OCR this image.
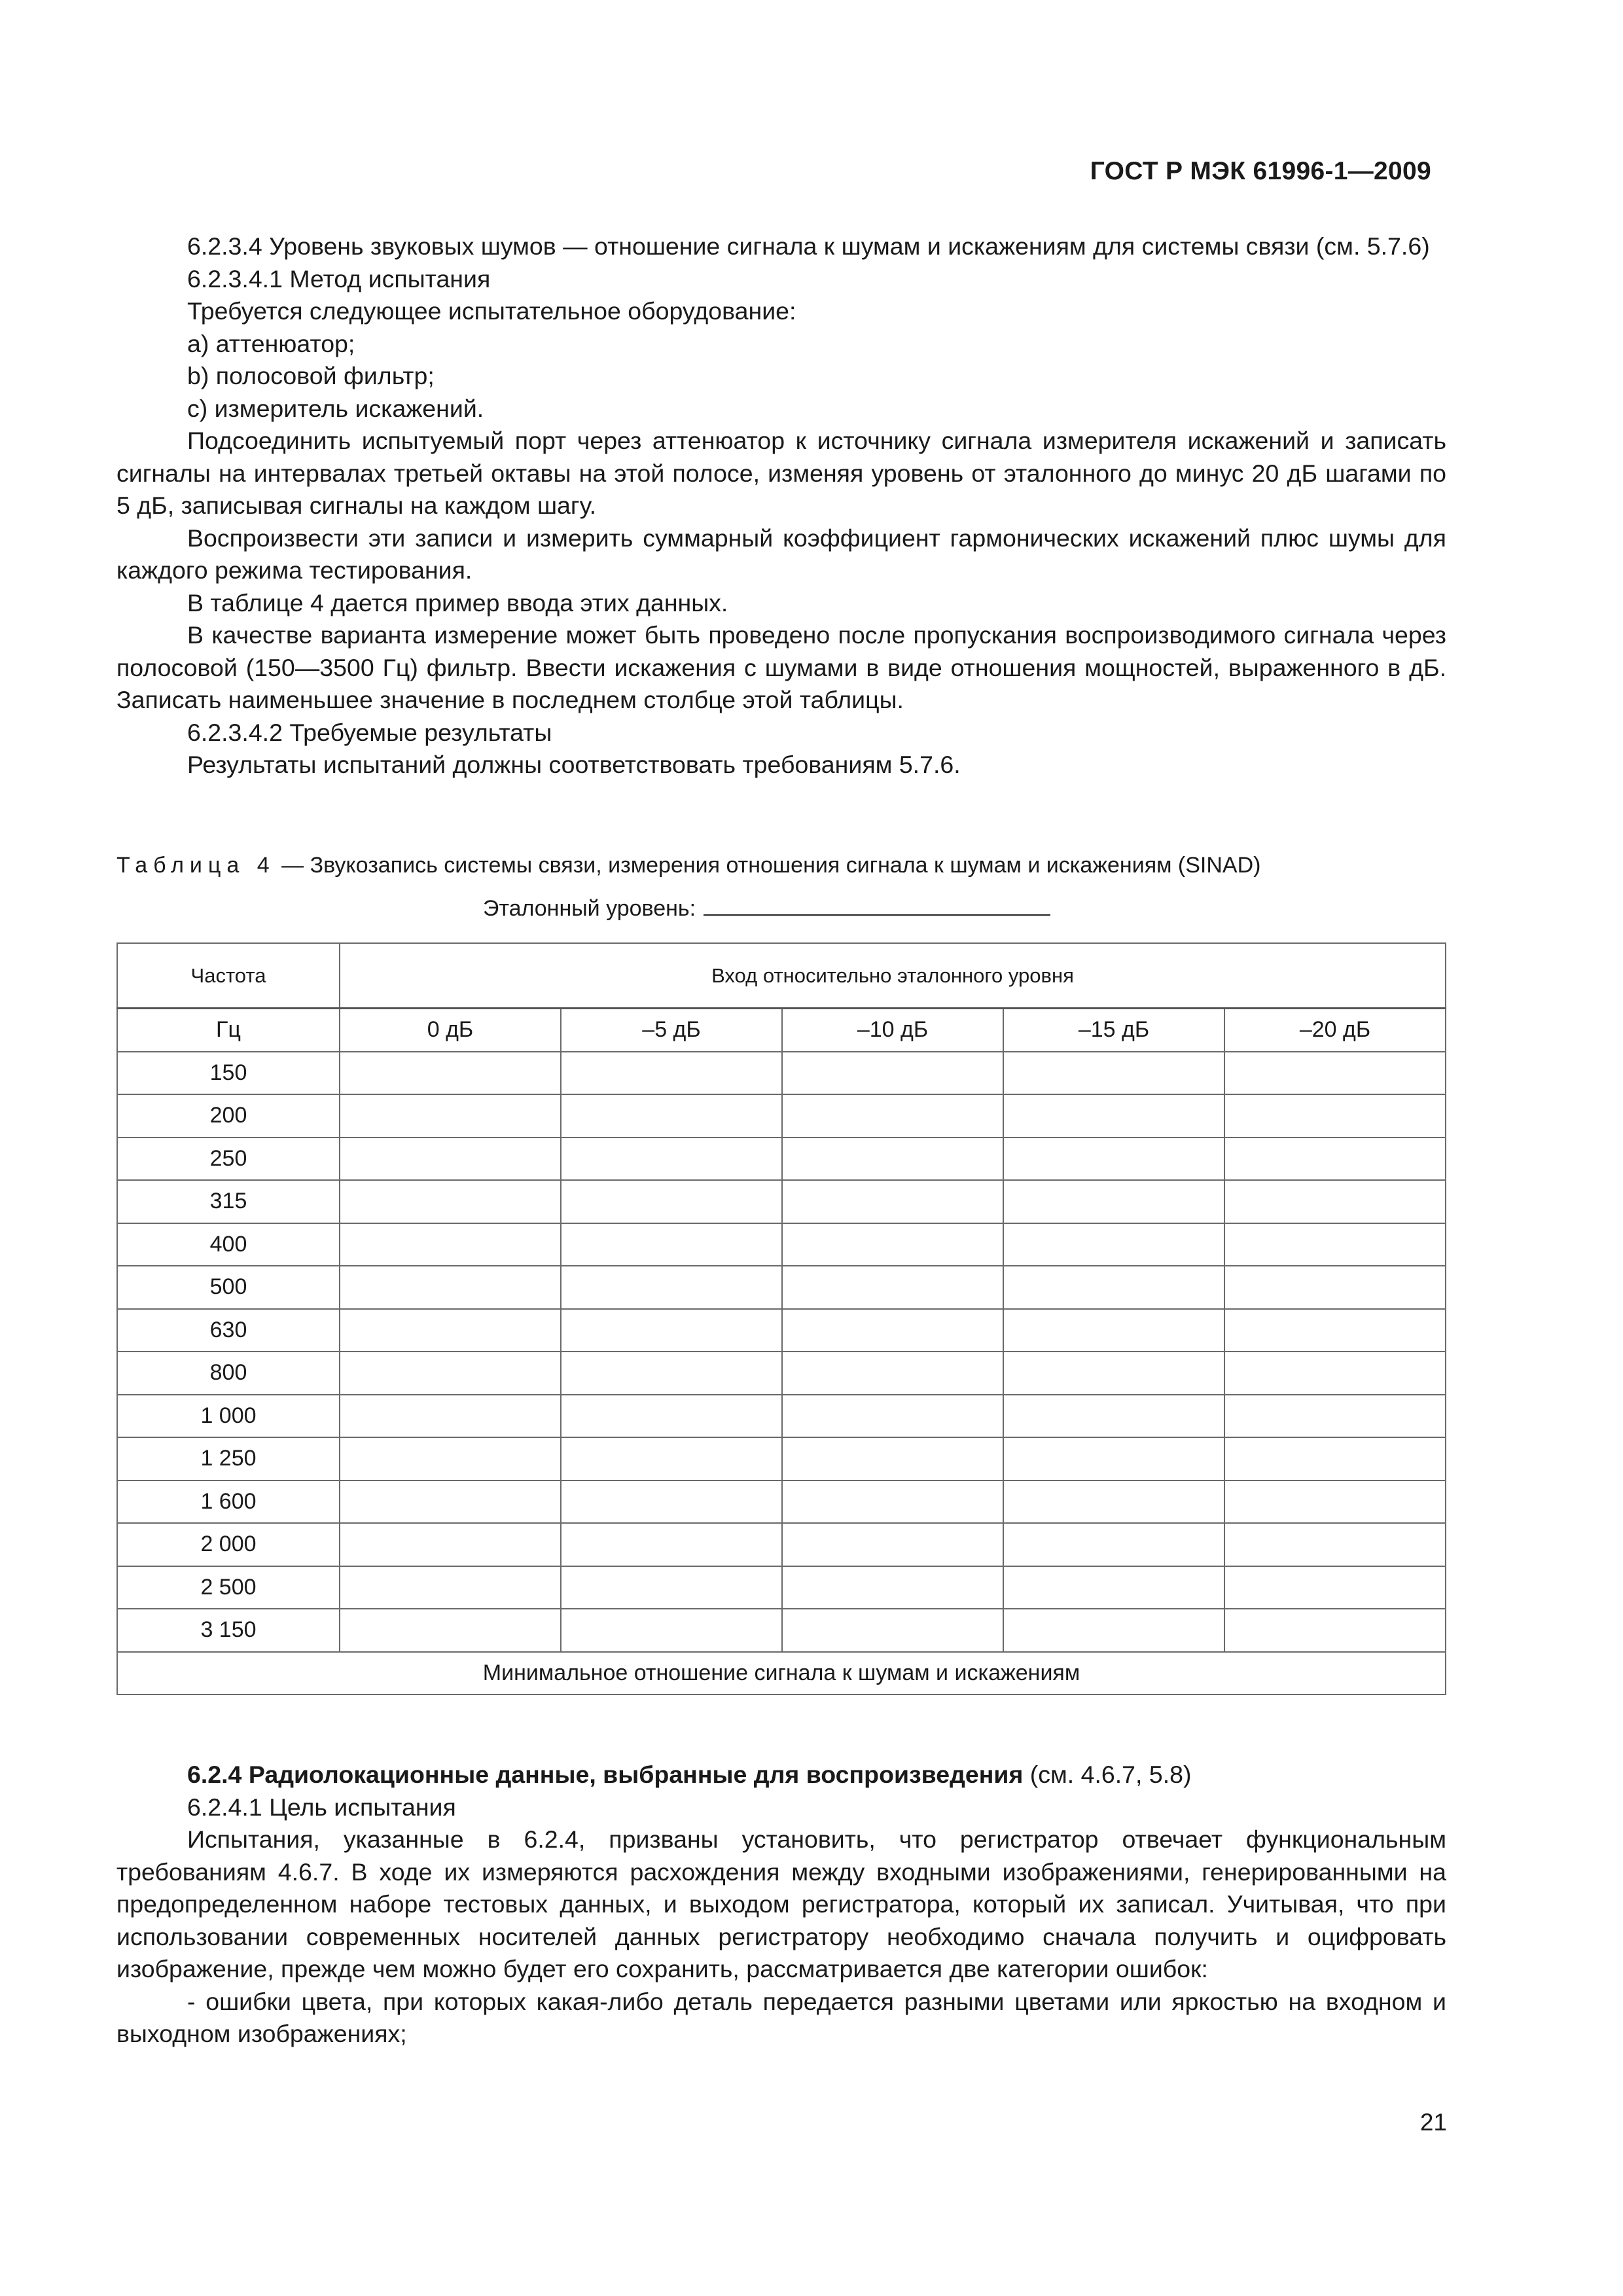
ГОСТ Р МЭК 61996-1—2009

6.2.3.4 Уровень звуковых шумов — отношение сигнала к шумам и искажениям для системы связи (см. 5.7.6)

6.2.3.4.1 Метод испытания

Требуется следующее испытательное оборудование:

a) аттенюатор;

b) полосовой фильтр;

c) измеритель искажений.

Подсоединить испытуемый порт через аттенюатор к источнику сигнала измерителя искажений и записать сигналы на интервалах третьей октавы на этой полосе, изменяя уровень от эталонного до минус 20 дБ шагами по 5 дБ, записывая сигналы на каждом шагу.

Воспроизвести эти записи и измерить суммарный коэффициент гармонических искажений плюс шумы для каждого режима тестирования.

В таблице 4 дается пример ввода этих данных.

В качестве варианта измерение может быть проведено после пропускания воспроизводимого сигнала через полосовой (150—3500 Гц) фильтр. Ввести искажения с шумами в виде отношения мощностей, выраженного в дБ. Записать наименьшее значение в последнем столбце этой таблицы.

6.2.3.4.2 Требуемые результаты

Результаты испытаний должны соответствовать требованиям 5.7.6.

Таблица 4 — Звукозапись системы связи, измерения отношения сигнала к шумам и искажениям (SINAD)
Эталонный уровень:
Частота	Вход относительно эталонного уровня				
Гц	0 дБ	–5 дБ	–10 дБ	–15 дБ	–20 дБ
150					
200					
250					
315					
400					
500					
630					
800					
1 000					
1 250					
1 600					
2 000					
2 500					
3 150					
Минимальное отношение сигнала к шумам и искажениям					

6.2.4 Радиолокационные данные, выбранные для воспроизведения (см. 4.6.7, 5.8)

6.2.4.1 Цель испытания

Испытания, указанные в 6.2.4, призваны установить, что регистратор отвечает функциональным требованиям 4.6.7. В ходе их измеряются расхождения между входными изображениями, генерированными на предопределенном наборе тестовых данных, и выходом регистратора, который их записал. Учитывая, что при использовании современных носителей данных регистратору необходимо сначала получить и оцифровать изображение, прежде чем можно будет его сохранить, рассматривается две категории ошибок:

- ошибки цвета, при которых какая-либо деталь передается разными цветами или яркостью на входном и выходном изображениях;

21
